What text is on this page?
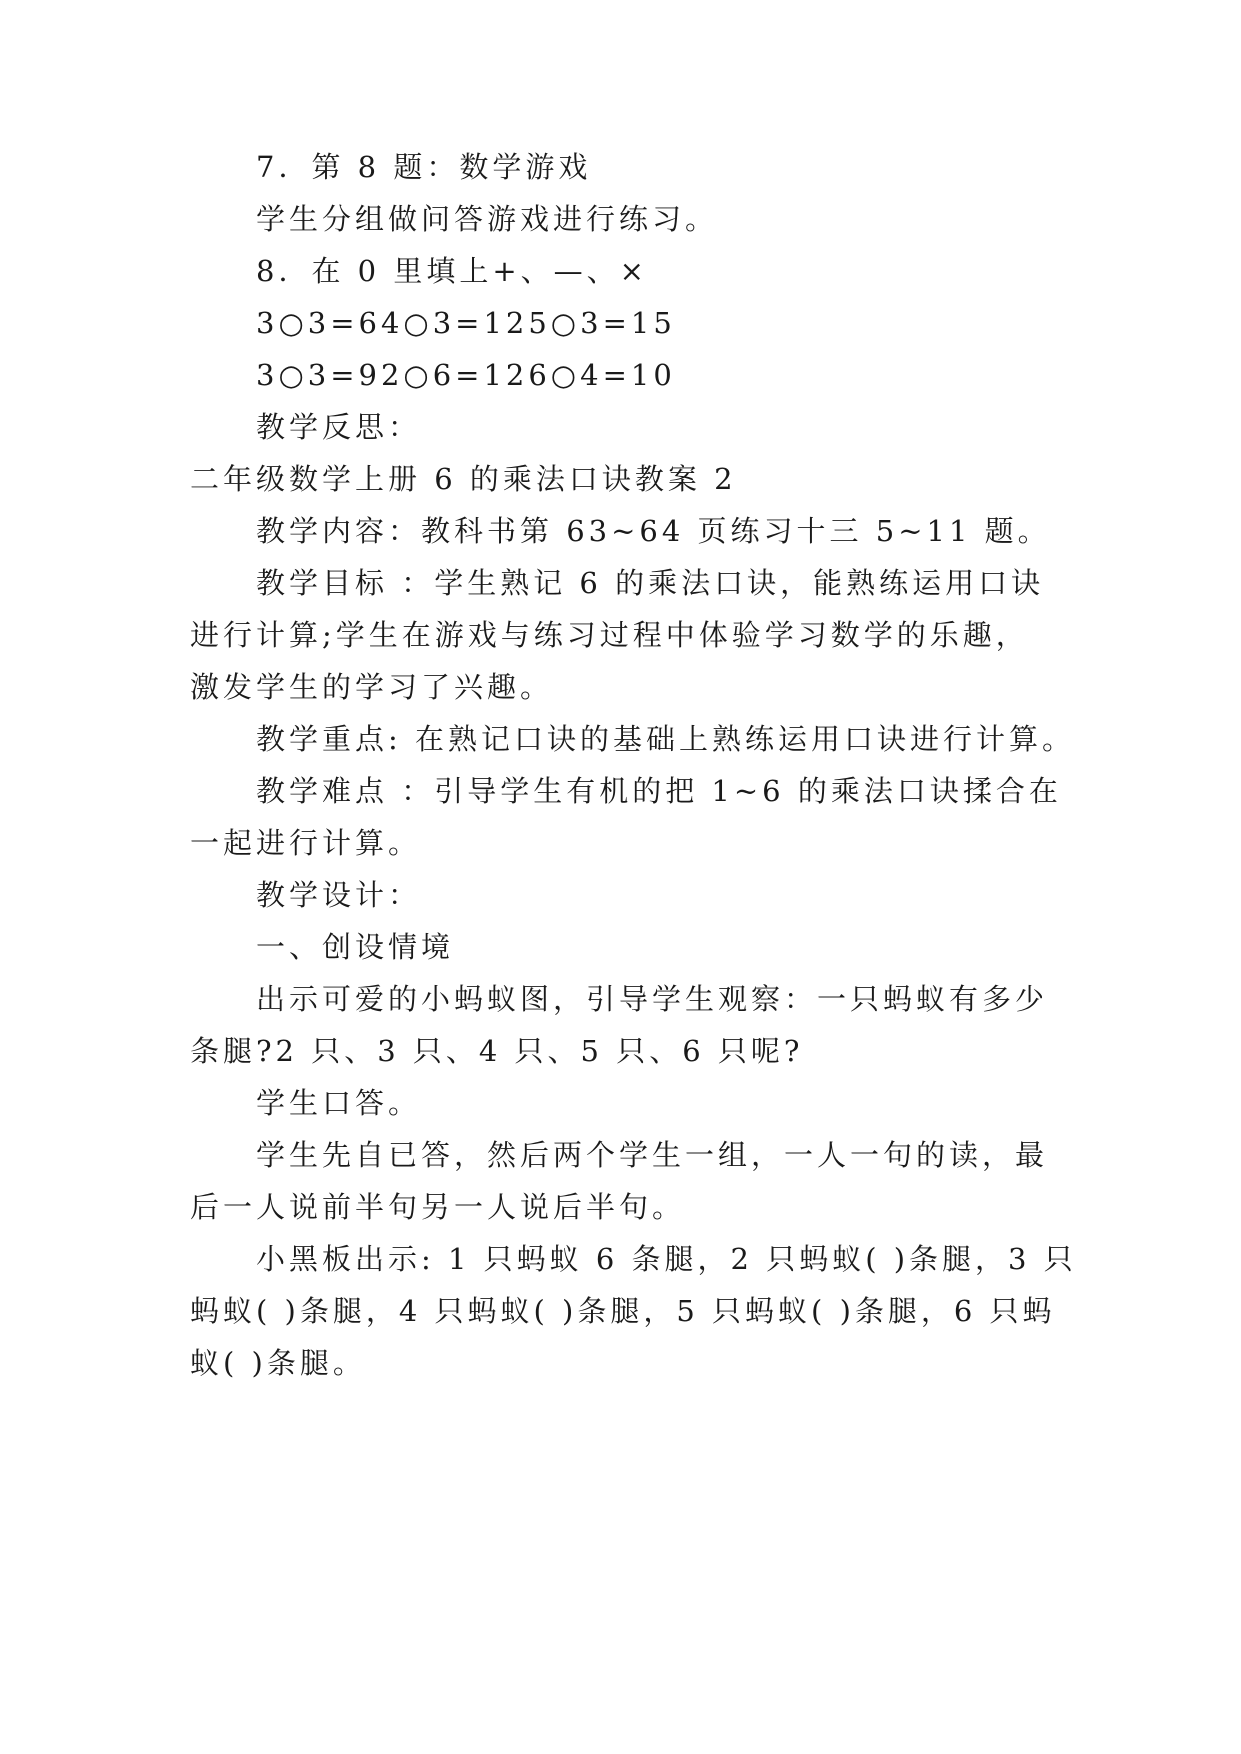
7．第 8 题：数学游戏
学生分组做问答游戏进行练习。
8．在 0 里填上+、—、×
3○3=64○3=125○3=15
3○3=92○6=126○4=10
教学反思：
二年级数学上册 6 的乘法口诀教案 2
教学内容：教科书第 63~64 页练习十三 5~11 题。
教学目标 ：学生熟记 6 的乘法口诀，能熟练运用口诀
进行计算;学生在游戏与练习过程中体验学习数学的乐趣，
激发学生的学习了兴趣。
教学重点: 在熟记口诀的基础上熟练运用口诀进行计算。
教学难点 ：引导学生有机的把 1~6 的乘法口诀揉合在
一起进行计算。
教学设计：
一、创设情境
出示可爱的小蚂蚁图，引导学生观察：一只蚂蚁有多少
条腿?2 只、3 只、4 只、5 只、6 只呢?
学生口答。
学生先自已答，然后两个学生一组，一人一句的读，最
后一人说前半句另一人说后半句。
小黑板出示: 1 只蚂蚁 6 条腿，2 只蚂蚁( )条腿，3 只
蚂蚁( )条腿，4 只蚂蚁( )条腿，5 只蚂蚁( )条腿，6 只蚂
蚁( )条腿。
